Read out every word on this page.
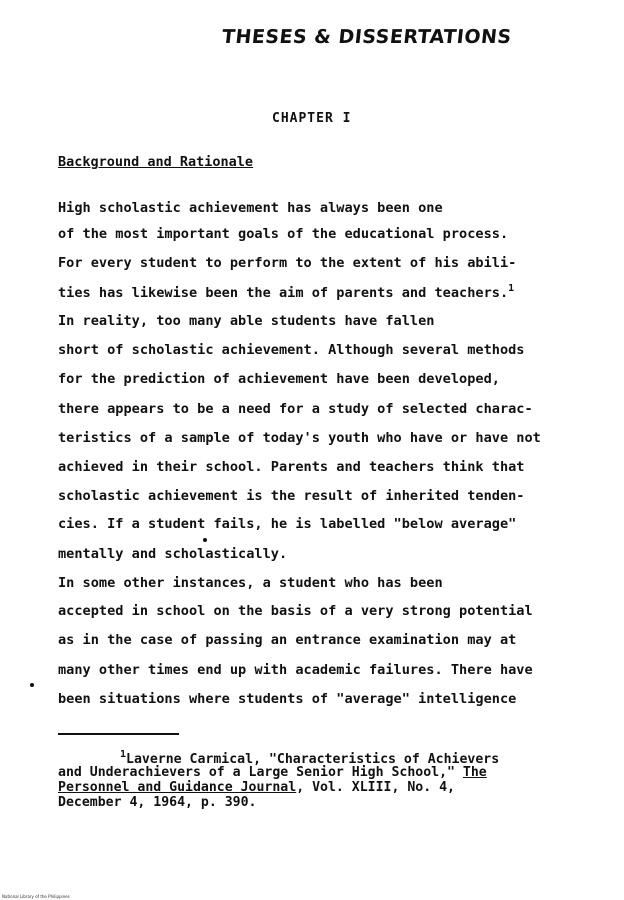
THESES & DISSERTATIONS
CHAPTER I
Background and Rationale
High scholastic achievement has always been one
of the most important goals of the educational process.
For every student to perform to the extent of his abili-
ties has likewise been the aim of parents and teachers.$^1$
In reality, too many able students have fallen
short of scholastic achievement. Although several methods
for the prediction of achievement have been developed,
there appears to be a need for a study of selected charac-
teristics of a sample of today's youth who have or have not
achieved in their school. Parents and teachers think that
scholastic achievement is the result of inherited tenden-
cies. If a student fails, he is labelled "below average"
mentally and scholastically.
In some other instances, a student who has been
accepted in school on the basis of a very strong potential
as in the case of passing an entrance examination may at
many other times end up with academic failures. There have
been situations where students of "average" intelligence
$^1$Laverne Carmical, "Characteristics of Achievers
and Underachievers of a Large Senior High School," The
Personnel and Guidance Journal, Vol. XLIII, No. 4,
December 4, 1964, p. 390.
National Library of the Philippines
